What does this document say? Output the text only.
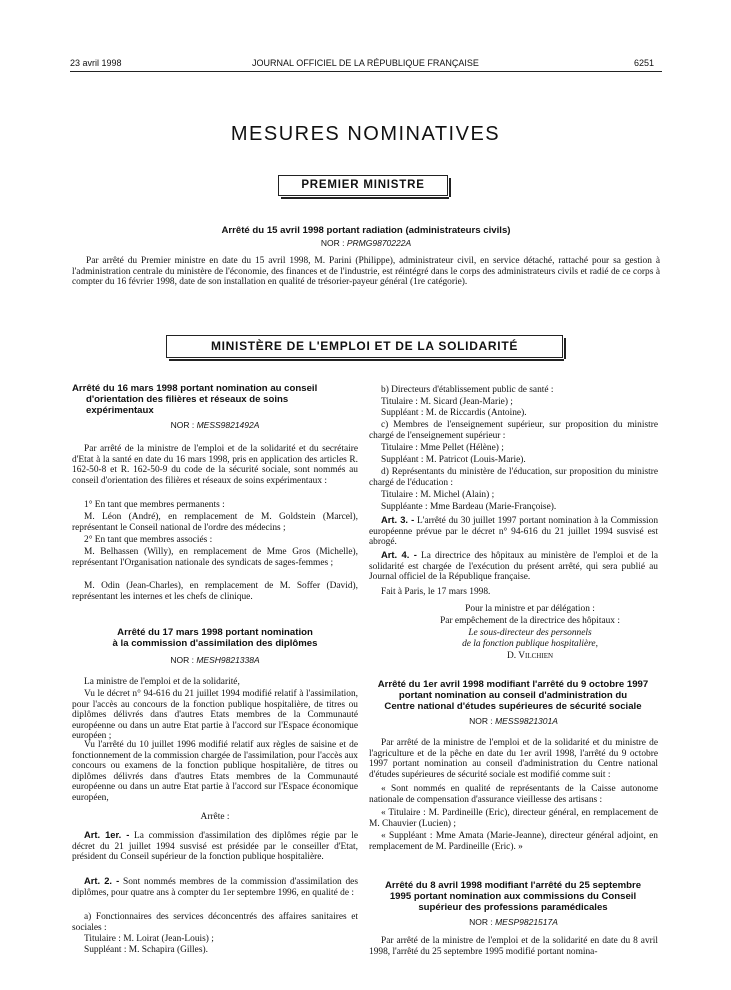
23 avril 1998	JOURNAL OFFICIEL DE LA RÉPUBLIQUE FRANÇAISE	6251
MESURES NOMINATIVES
PREMIER MINISTRE
Arrêté du 15 avril 1998 portant radiation (administrateurs civils)
NOR : PRMG9870222A
Par arrêté du Premier ministre en date du 15 avril 1998, M. Parini (Philippe), administrateur civil, en service détaché, rattaché pour sa gestion à l'administration centrale du ministère de l'économie, des finances et de l'industrie, est réintégré dans le corps des administrateurs civils et radié de ce corps à compter du 16 février 1998, date de son installation en qualité de trésorier-payeur général (1re catégorie).
MINISTÈRE DE L'EMPLOI ET DE LA SOLIDARITÉ
Arrêté du 16 mars 1998 portant nomination au conseil d'orientation des filières et réseaux de soins expérimentaux
NOR : MESS9821492A
Par arrêté de la ministre de l'emploi et de la solidarité et du secrétaire d'Etat à la santé en date du 16 mars 1998, pris en application des articles R. 162-50-8 et R. 162-50-9 du code de la sécurité sociale, sont nommés au conseil d'orientation des filières et réseaux de soins expérimentaux :
1° En tant que membres permanents :
M. Léon (André), en remplacement de M. Goldstein (Marcel), représentant le Conseil national de l'ordre des médecins ;
2° En tant que membres associés :
M. Belhassen (Willy), en remplacement de Mme Gros (Michelle), représentant l'Organisation nationale des syndicats de sages-femmes ;
M. Odin (Jean-Charles), en remplacement de M. Soffer (David), représentant les internes et les chefs de clinique.
Arrêté du 17 mars 1998 portant nomination
à la commission d'assimilation des diplômes
NOR : MESH9821338A
La ministre de l'emploi et de la solidarité,
Vu le décret n° 94-616 du 21 juillet 1994 modifié relatif à l'assimilation, pour l'accès au concours de la fonction publique hospitalière, de titres ou diplômes délivrés dans d'autres Etats membres de la Communauté européenne ou dans un autre Etat partie à l'accord sur l'Espace économique européen ;
Vu l'arrêté du 10 juillet 1996 modifié relatif aux règles de saisine et de fonctionnement de la commission chargée de l'assimilation, pour l'accès aux concours ou examens de la fonction publique hospitalière, de titres ou diplômes délivrés dans d'autres Etats membres de la Communauté européenne ou dans un autre Etat partie à l'accord sur l'Espace économique européen,
Arrête :
Art. 1er. - La commission d'assimilation des diplômes régie par le décret du 21 juillet 1994 susvisé est présidée par le conseiller d'Etat, président du Conseil supérieur de la fonction publique hospitalière.
Art. 2. - Sont nommés membres de la commission d'assimilation des diplômes, pour quatre ans à compter du 1er septembre 1996, en qualité de :
a) Fonctionnaires des services déconcentrés des affaires sanitaires et sociales :
Titulaire : M. Loirat (Jean-Louis) ;
Suppléant : M. Schapira (Gilles).
b) Directeurs d'établissement public de santé :
Titulaire : M. Sicard (Jean-Marie) ;
Suppléant : M. de Riccardis (Antoine).
c) Membres de l'enseignement supérieur, sur proposition du ministre chargé de l'enseignement supérieur :
Titulaire : Mme Pellet (Hélène) ;
Suppléant : M. Patricot (Louis-Marie).
d) Représentants du ministère de l'éducation, sur proposition du ministre chargé de l'éducation :
Titulaire : M. Michel (Alain) ;
Suppléante : Mme Bardeau (Marie-Françoise).
Art. 3. - L'arrêté du 30 juillet 1997 portant nomination à la Commission européenne prévue par le décret n° 94-616 du 21 juillet 1994 susvisé est abrogé.
Art. 4. - La directrice des hôpitaux au ministère de l'emploi et de la solidarité est chargée de l'exécution du présent arrêté, qui sera publié au Journal officiel de la République française.
Fait à Paris, le 17 mars 1998.
Pour la ministre et par délégation :
Par empêchement de la directrice des hôpitaux :
Le sous-directeur des personnels
de la fonction publique hospitalière,
D. Vilchien
Arrêté du 1er avril 1998 modifiant l'arrêté du 9 octobre 1997
portant nomination au conseil d'administration du
Centre national d'études supérieures de sécurité sociale
NOR : MESS9821301A
Par arrêté de la ministre de l'emploi et de la solidarité et du ministre de l'agriculture et de la pêche en date du 1er avril 1998, l'arrêté du 9 octobre 1997 portant nomination au conseil d'administration du Centre national d'études supérieures de sécurité sociale est modifié comme suit :
« Sont nommés en qualité de représentants de la Caisse autonome nationale de compensation d'assurance vieillesse des artisans :
« Titulaire : M. Pardineille (Eric), directeur général, en remplacement de M. Chauvier (Lucien) ;
« Suppléant : Mme Amata (Marie-Jeanne), directeur général adjoint, en remplacement de M. Pardineille (Eric). »
Arrêté du 8 avril 1998 modifiant l'arrêté du 25 septembre
1995 portant nomination aux commissions du Conseil
supérieur des professions paramédicales
NOR : MESP9821517A
Par arrêté de la ministre de l'emploi et de la solidarité en date du 8 avril 1998, l'arrêté du 25 septembre 1995 modifié portant nomina-
